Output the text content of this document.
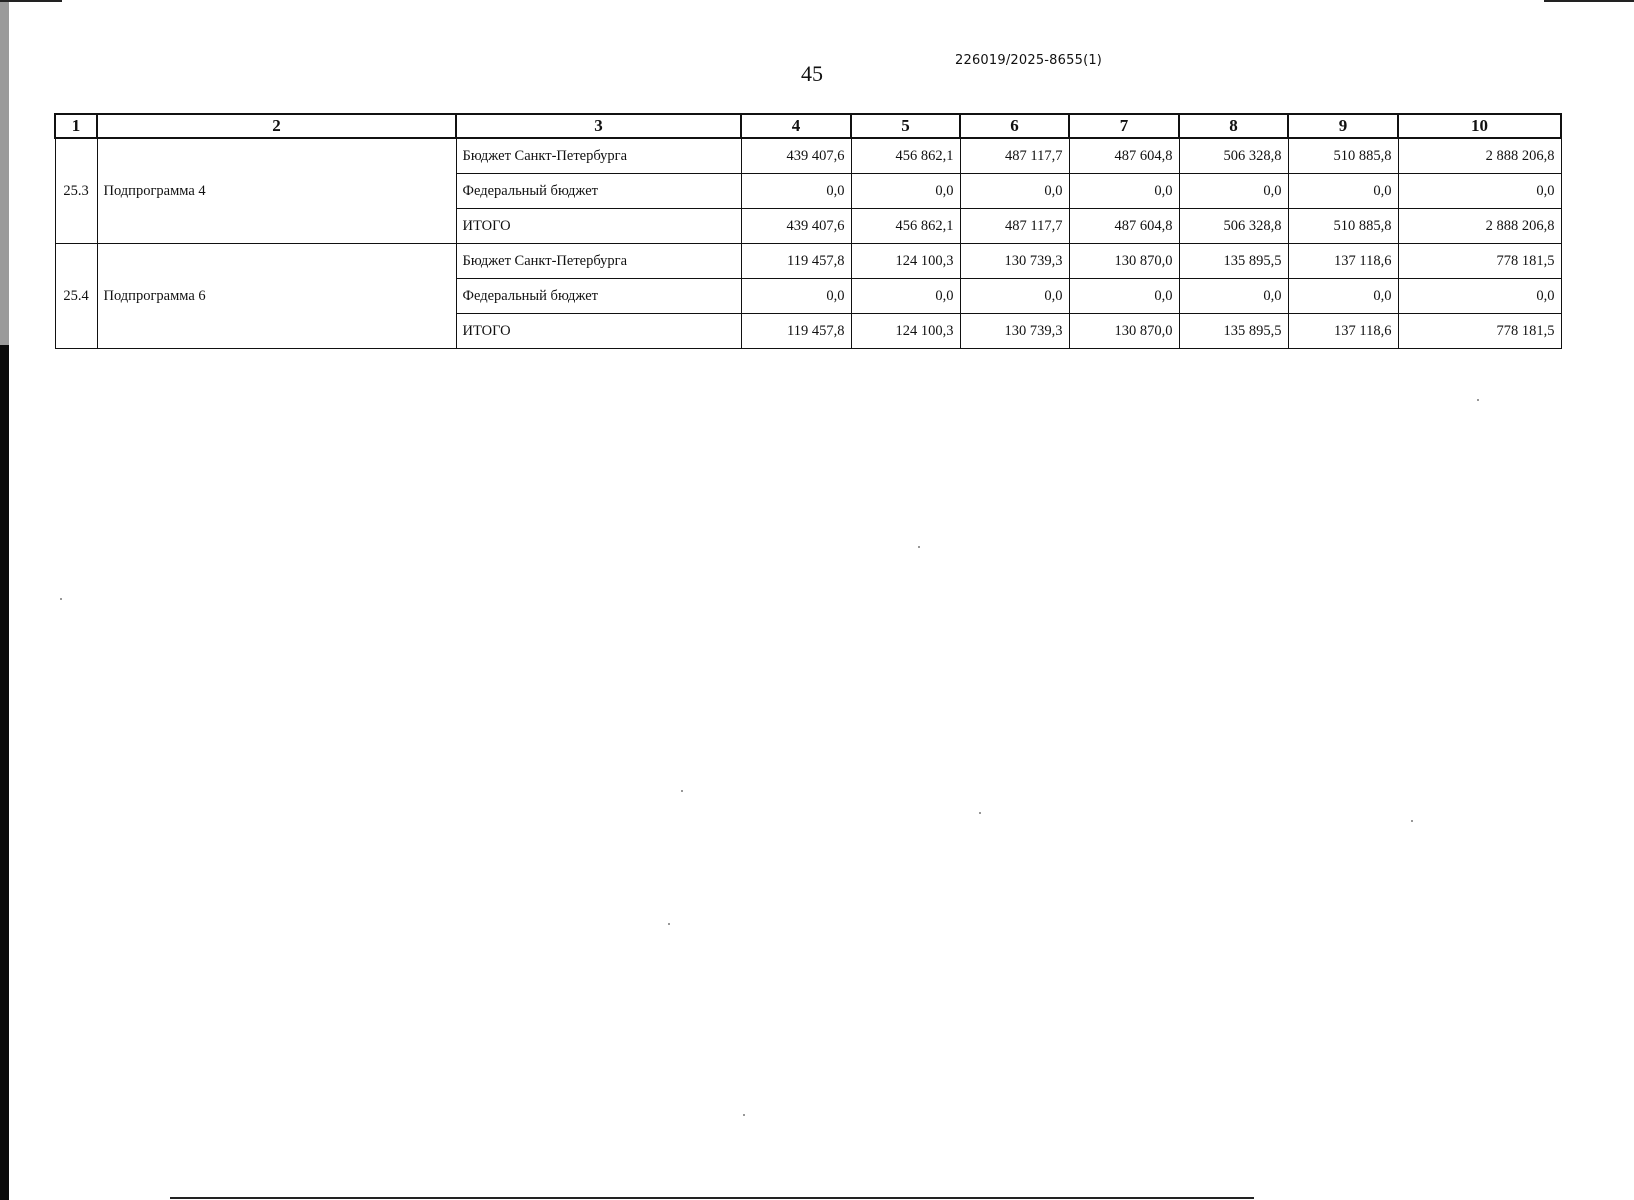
45
226019/2025-8655(1)
1	2	3	4	5	6	7	8	9	10
25.3	Подпрограмма 4	Бюджет Санкт-Петербурга	439 407,6	456 862,1	487 117,7	487 604,8	506 328,8	510 885,8	2 888 206,8
		Федеральный бюджет	0,0	0,0	0,0	0,0	0,0	0,0	0,0
		ИТОГО	439 407,6	456 862,1	487 117,7	487 604,8	506 328,8	510 885,8	2 888 206,8
25.4	Подпрограмма 6	Бюджет Санкт-Петербурга	119 457,8	124 100,3	130 739,3	130 870,0	135 895,5	137 118,6	778 181,5
		Федеральный бюджет	0,0	0,0	0,0	0,0	0,0	0,0	0,0
		ИТОГО	119 457,8	124 100,3	130 739,3	130 870,0	135 895,5	137 118,6	778 181,5
